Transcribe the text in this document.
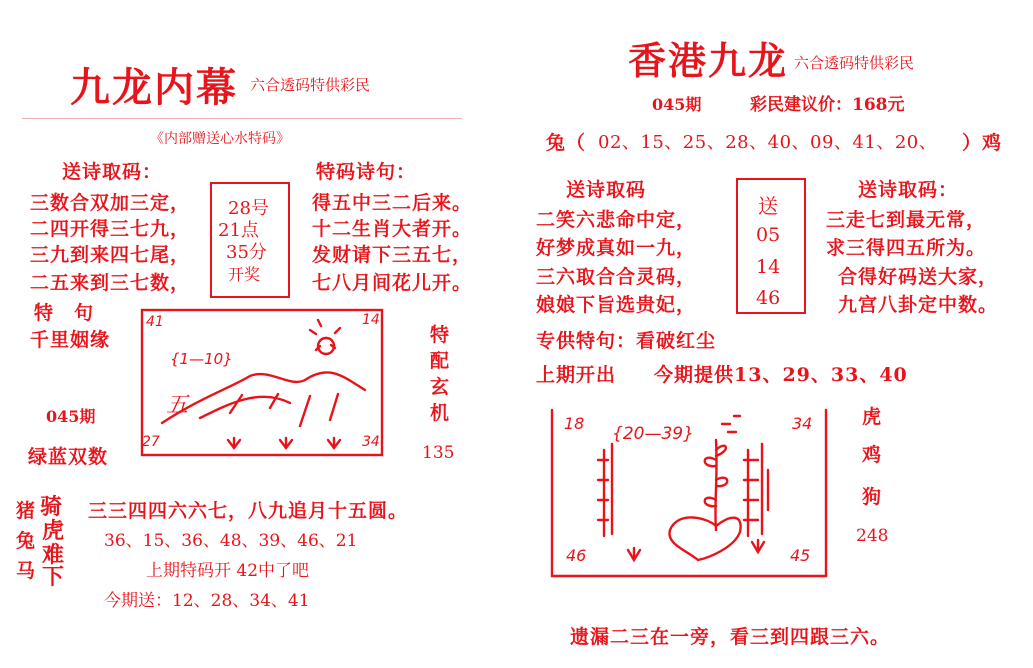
九龙内幕 六合透码特供彩民
《内部赠送心水特码》
送诗取码：
三数合双加三定，
二四开得三七九，
三九到来四七尾，
二五来到三七数，
28号
21点
35分
开奖
特码诗句：
得五中三二后来。
十二生肖大者开。
发财请下三五七，
七八月间花儿开。
特　句
千里姻缘
045期
绿蓝双数
41	14
{1—10}
五
27	34
特
配
玄
机
135
猪
兔
马
骑
虎
难
下
三三四四六六七，八九追月十五圆。
36、15、36、48、39、46、21
上期特码开 42中了吧
今期送：12、28、34、41
香港九龙 六合透码特供彩民
045期	彩民建议价：168元
兔（ 02、15、25、28、40、09、41、20、 ）鸡
送诗取码
二笑六悲命中定，
好梦成真如一九，
三六取合合灵码，
娘娘下旨选贵妃，
送
05
14
46
送诗取码：
三走七到最无常，
求三得四五所为。
合得好码送大家，
九宫八卦定中数。
专供特句：看破红尘
上期开出 今期提供13、29、33、40
18
{20—39}
34
46	45
虎
鸡
狗
248
遗漏二三在一旁，看三到四跟三六。
